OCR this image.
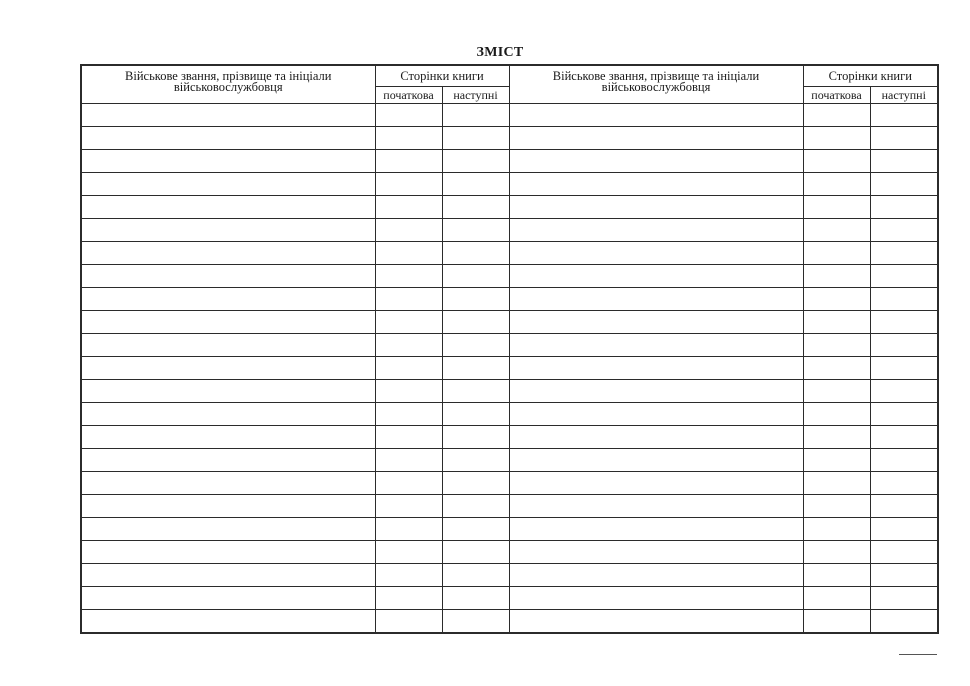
ЗМІСТ
Військове звання, прізвище та ініціали військовослужбовця	Сторінки книги		Військове звання, прізвище та ініціали військовослужбовця	Сторінки книги	
	початкова	наступні		початкова	наступні
